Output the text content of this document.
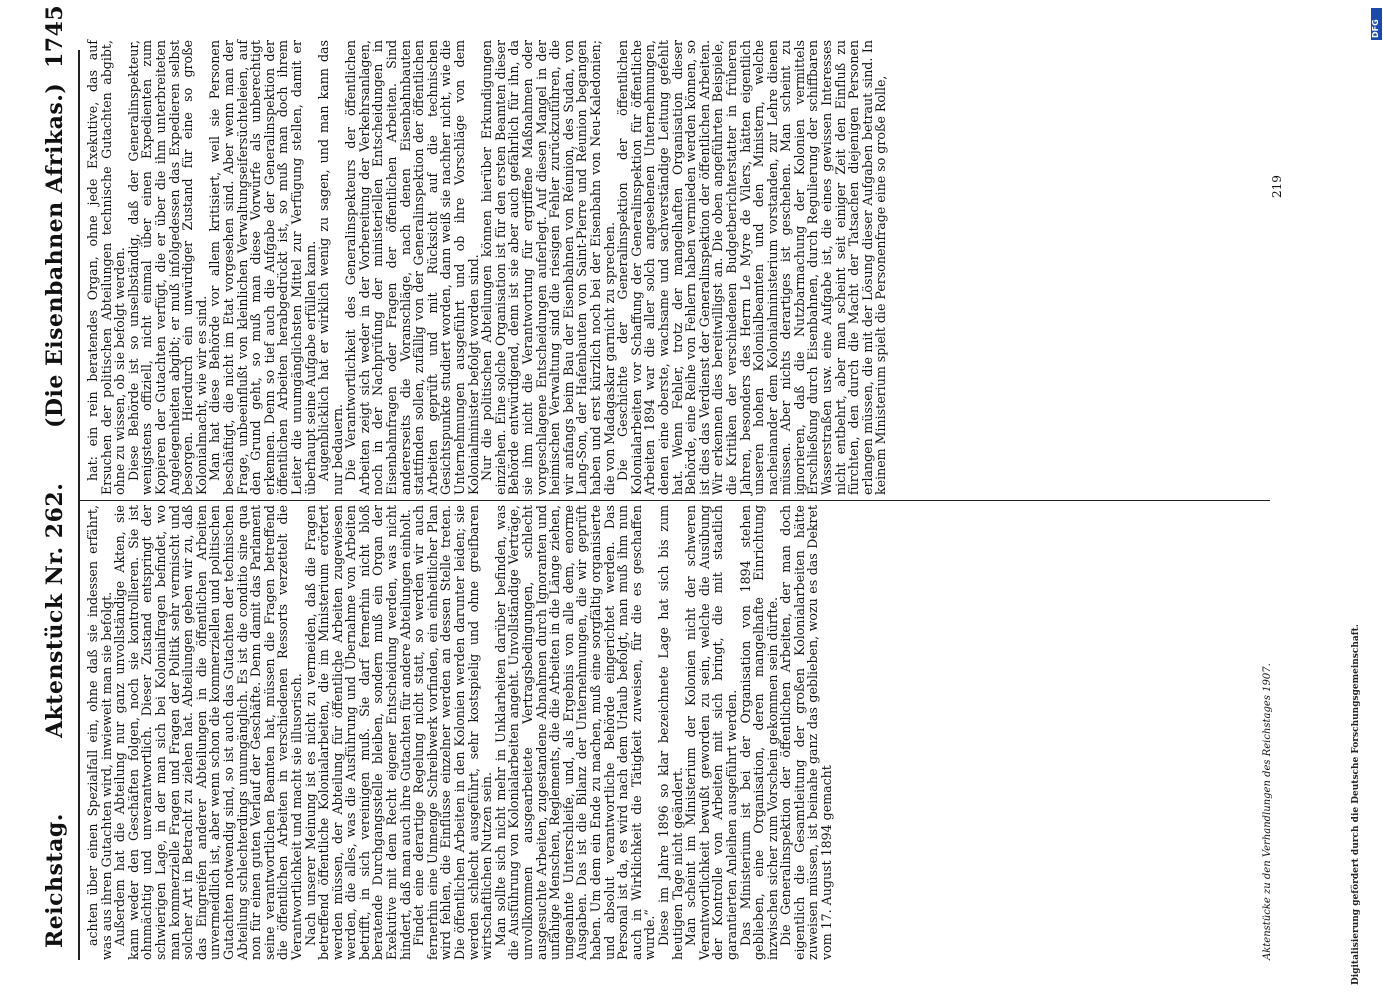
Reichstag.
Aktenstück Nr. 262.
(Die Eisenbahnen Afrikas.)
1745

achten über einen Spezialfall ein, ohne daß sie indessen erfährt, was aus ihren Gutachten wird, inwieweit man sie befolgt.

Außerdem hat die Abteilung nur ganz unvollständige Akten, sie kann weder den Geschäften folgen, noch sie kontrollieren. Sie ist ohnmächtig und unverantwortlich. Dieser Zustand entspringt der schwierigen Lage, in der man sich bei Kolonialfragen befindet, wo man kommerzielle Fragen und Fragen der Politik sehr vermischt und solcher Art in Betracht zu ziehen hat. Abteilungen geben wir zu, daß das Eingreifen anderer Abteilungen in die öffentlichen Arbeiten unvermeidlich ist, aber wenn schon die kommerziellen und politischen Gutachten notwendig sind, so ist auch das Gutachten der technischen Abteilung schlechterdings unumgänglich. Es ist die conditio sine qua non für einen guten Verlauf der Geschäfte. Denn damit das Parlament seine verantwortlichen Beamten hat, müssen die Fragen betreffend die öffentlichen Arbeiten in verschiedenen Ressorts verzettelt die Verantwortlichkeit und macht sie illusorisch.

Nach unserer Meinung ist es nicht zu vermeiden, daß die Fragen betreffend öffentliche Kolonialarbeiten, die im Ministerium erörtert werden müssen, der Abteilung für öffentliche Arbeiten zugewiesen werden, die alles, was die Ausführung und Übernahme von Arbeiten betrifft, in sich vereinigen muß. Sie darf fernerhin nicht bloß beratende Durchgangsstelle bleiben, sondern muß ein Organ der Exekutive mit dem Recht eigener Entscheidung werden, was nicht hindert, daß man auch ihre Gutachten für andere Abteilungen einholt.

Findet eine derartige Regelung nicht statt, so werden wir auch fernerhin eine Unmenge Schreibwerk vorfinden, ein einheitlicher Plan wird fehlen, die Einflüsse einzelner werden an dessen Stelle treten. Die öffentlichen Arbeiten in den Kolonien werden darunter leiden; sie werden schlecht ausgeführt, sehr kostspielig und ohne greifbaren wirtschaftlichen Nutzen sein.

Man sollte sich nicht mehr in Unklarheiten darüber befinden, was die Ausführung von Kolonialarbeiten angeht. Unvollständige Verträge, unvollkommen ausgearbeitete Vertragsbedingungen, schlecht ausgesuchte Arbeiten, zugestandene Abnahmen durch Ignoranten und unfähige Menschen, Reglements, die die Arbeiten in die Länge ziehen, ungeahnte Unterschleife, und, als Ergebnis von alle dem, enorme Ausgaben. Das ist die Bilanz der Unternehmungen, die wir geprüft haben. Um dem ein Ende zu machen, muß eine sorgfältig organisierte und absolut verantwortliche Behörde eingerichtet werden. Das Personal ist da, es wird nach dem Urlaub befolgt, man muß ihm nun auch in Wirklichkeit die Tätigkeit zuweisen, für die es geschaffen wurde.“

Diese im Jahre 1896 so klar bezeichnete Lage hat sich bis zum heutigen Tage nicht geändert.

Man scheint im Ministerium der Kolonien nicht der schweren Verantwortlichkeit bewußt geworden zu sein, welche die Ausübung der Kontrolle von Arbeiten mit sich bringt, die mit staatlich garantierten Anleihen ausgeführt werden.

Das Ministerium ist bei der Organisation von 1894 stehen geblieben, eine Organisation, deren mangelhafte Einrichtung inzwischen sicher zum Vorschein gekommen sein dürfte.

Die Generalinspektion der öffentlichen Arbeiten, der man doch eigentlich die Gesamtleitung der großen Kolonialarbeiten hätte zuweisen müssen, ist beinahe ganz das geblieben, wozu es das Dekret vom 17. August 1894 gemacht

hat: ein rein beratendes Organ, ohne jede Exekutive, das auf Ersuchen der politischen Abteilungen technische Gutachten abgibt, ohne zu wissen, ob sie befolgt werden.

Diese Behörde ist so unselbständig, daß der Generalinspekteur, wenigstens offiziell, nicht einmal über einen Expedienten zum Kopieren der Gutachten verfügt, die er über die ihm unterbreiteten Angelegenheiten abgibt; er muß infolgedessen das Expedieren selbst besorgen. Hierdurch ein unwürdiger Zustand für eine so große Kolonialmacht, wie wir es sind.

Man hat diese Behörde vor allem kritisiert, weil sie Personen beschäftigt, die nicht im Etat vorgesehen sind. Aber wenn man der Frage, unbeeinflußt von kleinlichen Verwaltungseifersüchteleien, auf den Grund geht, so muß man diese Vorwürfe als unberechtigt erkennen. Denn so tief auch die Aufgabe der Generalinspektion der öffentlichen Arbeiten herabgedrückt ist, so muß man doch ihrem Leiter die unumgänglichsten Mittel zur Verfügung stellen, damit er überhaupt seine Aufgabe erfüllen kann.

Augenblicklich hat er wirklich wenig zu sagen, und man kann das nur bedauern.

Die Verantwortlichkeit des Generalinspekteurs der öffentlichen Arbeiten zeigt sich weder in der Vorbereitung der Verkehrsanlagen, noch in der Nachprüfung der ministeriellen Entscheidungen in Eisenbahnfragen oder Fragen der öffentlichen Arbeiten. Sind andererseits die Voranschläge, nach denen Eisenbahnbauten stattfinden sollen, zufällig von der Generalinspektion der öffentlichen Arbeiten geprüft und mit Rücksicht auf die technischen Gesichtspunkte studiert worden, dann weiß sie nachher nicht, wie die Unternehmungen ausgeführt und ob ihre Vorschläge von dem Kolonialminister befolgt worden sind.

Nur die politischen Abteilungen können hierüber Erkundigungen einziehen. Eine solche Organisation ist für den ersten Beamten dieser Behörde entwürdigend, denn ist sie aber auch gefährlich für ihn, da sie ihm nicht die Verantwortung für ergriffene Maßnahmen oder vorgeschlagene Entscheidungen auferlegt. Auf diesen Mangel in der heimischen Verwaltung sind die riesigen Fehler zurückzuführen, die wir anfangs beim Bau der Eisenbahnen von Réunion, des Sudan, von Lang-Son, der Hafenbauten von Saint-Pierre und Réunion begangen haben und erst kürzlich noch bei der Eisenbahn von Neu-Kaledonien; die von Madagaskar garnicht zu sprechen.

Die Geschichte der Generalinspektion der öffentlichen Kolonialarbeiten vor Schaffung der Generalinspektion für öffentliche Arbeiten 1894 war die aller solch angesehenen Unternehmungen, denen eine oberste, wachsame und sachverständige Leitung gefehlt hat. Wenn Fehler, trotz der mangelhaften Organisation dieser Behörde, eine Reihe von Fehlern haben vermieden werden können, so ist dies das Verdienst der Generalinspektion der öffentlichen Arbeiten. Wir erkennen dies bereitwilligst an. Die oben angeführten Beispiele, die Kritiken der verschiedenen Budgetberichterstatter in früheren Jahren, besonders des Herrn Le Myre de Vilers, hätten eigentlich unseren hohen Kolonialbeamten und den Ministern, welche nacheinander dem Kolonialministerium vorstanden, zur Lehre dienen müssen. Aber nichts derartiges ist geschehen. Man scheint zu ignorieren, daß die Nutzbarmachung der Kolonien vermittels Erschließung durch Eisenbahnen, durch Regulierung der schiffbaren Wasserstraßen usw. eine Aufgabe ist, die eines gewissen Interesses nicht entbehrt, aber man scheint seit einiger Zeit den Einfluß zu fürchten, den durch die Macht der Tatsachen diejenigen Personen erlangen müssen, die mit der Lösung dieser Aufgaben betraut sind. In keinem Ministerium spielt die Personenfrage eine so große Rolle,

Aktenstücke zu den Verhandlungen des Reichstages 1907.
219
Digitalisierung gefördert durch die Deutsche Forschungsgemeinschaft.
DFG
